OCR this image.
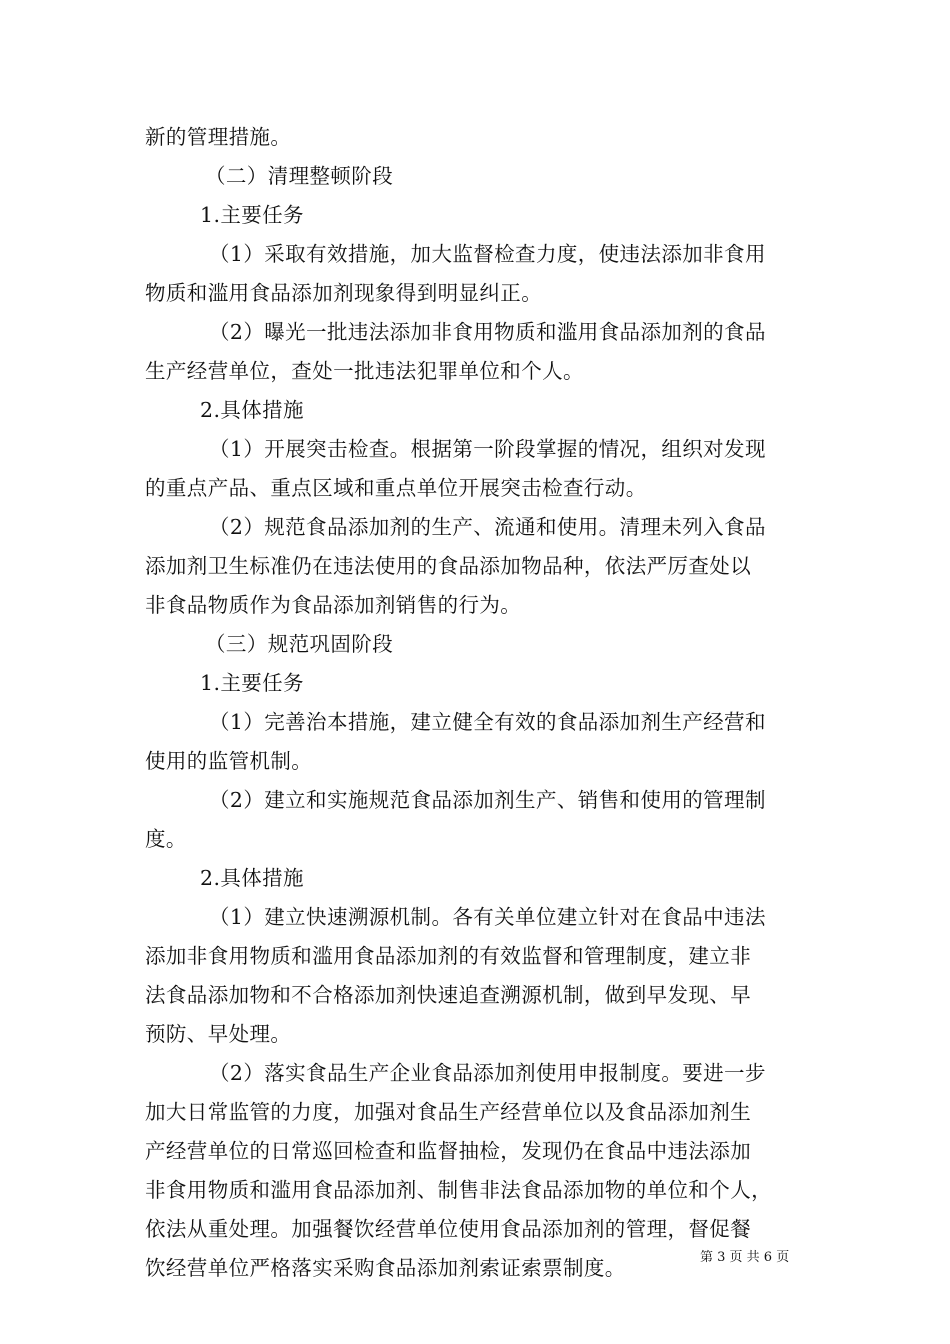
新的管理措施。

（二）清理整顿阶段

1.主要任务

（1）采取有效措施，加大监督检查力度，使违法添加非食用

物质和滥用食品添加剂现象得到明显纠正。

（2）曝光一批违法添加非食用物质和滥用食品添加剂的食品

生产经营单位，查处一批违法犯罪单位和个人。

2.具体措施

（1）开展突击检查。根据第一阶段掌握的情况，组织对发现

的重点产品、重点区域和重点单位开展突击检查行动。

（2）规范食品添加剂的生产、流通和使用。清理未列入食品

添加剂卫生标准仍在违法使用的食品添加物品种，依法严厉查处以

非食品物质作为食品添加剂销售的行为。

（三）规范巩固阶段

1.主要任务

（1）完善治本措施，建立健全有效的食品添加剂生产经营和

使用的监管机制。

（2）建立和实施规范食品添加剂生产、销售和使用的管理制

度。

2.具体措施

（1）建立快速溯源机制。各有关单位建立针对在食品中违法

添加非食用物质和滥用食品添加剂的有效监督和管理制度，建立非

法食品添加物和不合格添加剂快速追查溯源机制，做到早发现、早

预防、早处理。

（2）落实食品生产企业食品添加剂使用申报制度。要进一步

加大日常监管的力度，加强对食品生产经营单位以及食品添加剂生

产经营单位的日常巡回检查和监督抽检，发现仍在食品中违法添加

非食用物质和滥用食品添加剂、制售非法食品添加物的单位和个人，

依法从重处理。加强餐饮经营单位使用食品添加剂的管理，督促餐

饮经营单位严格落实采购食品添加剂索证索票制度。	第 3 页 共 6 页
